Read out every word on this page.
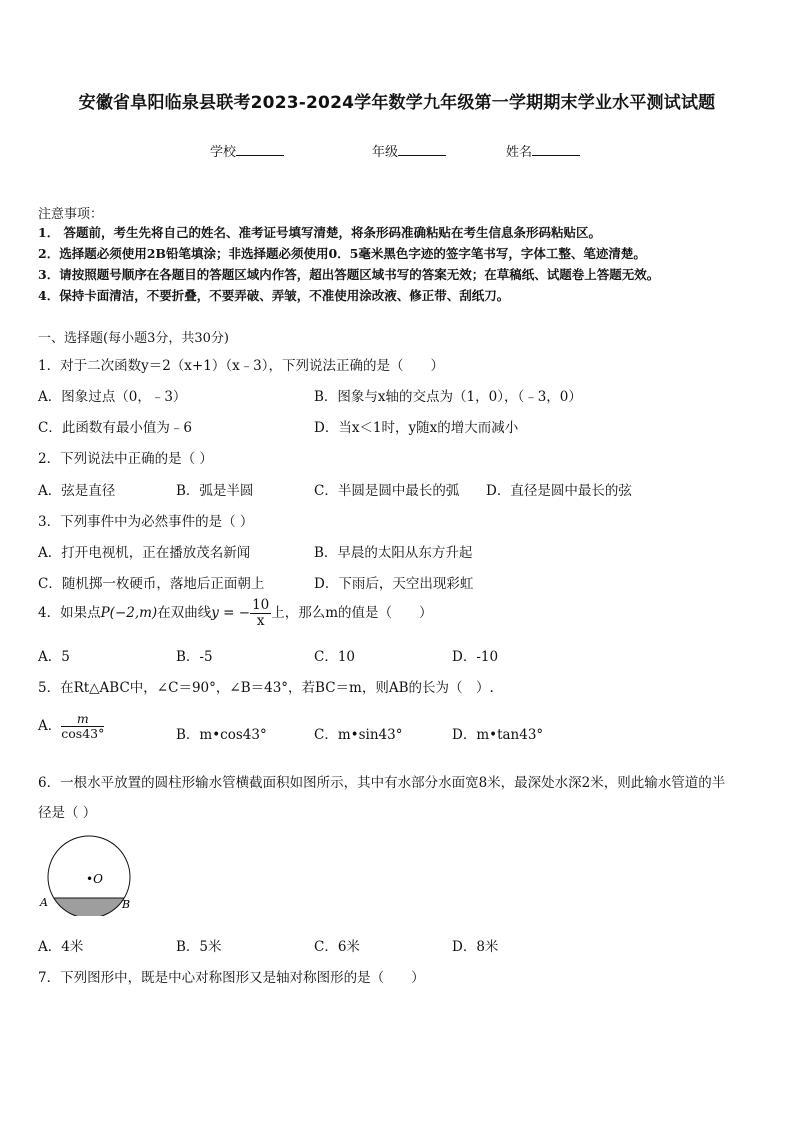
安徽省阜阳临泉县联考2023-2024学年数学九年级第一学期期末学业水平测试试题
学校	年级	姓名
注意事项：
1． 答题前，考生先将自己的姓名、准考证号填写清楚，将条形码准确粘贴在考生信息条形码粘贴区。
2．选择题必须使用2B铅笔填涂；非选择题必须使用0．5毫米黑色字迹的签字笔书写，字体工整、笔迹清楚。
3．请按照题号顺序在各题目的答题区域内作答，超出答题区域书写的答案无效；在草稿纸、试题卷上答题无效。
4．保持卡面清洁，不要折叠，不要弄破、弄皱，不准使用涂改液、修正带、刮纸刀。
一、选择题(每小题3分，共30分)
1．对于二次函数y＝2（x+1）（x﹣3），下列说法正确的是（　　）
A．图象过点（0，﹣3）	B．图象与x轴的交点为（1，0），（﹣3，0）
C．此函数有最小值为﹣6	D．当x＜1时，y随x的增大而减小
2．下列说法中正确的是（ ）
A．弦是直径	B．弧是半圆	C．半圆是圆中最长的弧 D．直径是圆中最长的弦
3．下列事件中为必然事件的是（ ）
A．打开电视机，正在播放茂名新闻	B．早晨的太阳从东方升起
C．随机掷一枚硬币，落地后正面朝上	D．下雨后，天空出现彩虹
4．如果点P(−2,m)在双曲线y = − $\frac{10}{x}$ 上，那么m的值是（　　）
A．5	B．-5	C．10	D．-10
5．在Rt△ABC中，∠C＝90°，∠B＝43°，若BC＝m，则AB的长为（　）.
A． $\frac{m}{\cos 43^\circ}$	B．m•cos43°	C．m•sin43°	D．m•tan43°
6．一根水平放置的圆柱形输水管横截面积如图所示，其中有水部分水面宽8米，最深处水深2米，则此输水管道的半
径是（ ）
•O
A	B
A．4米	B．5米	C．6米	D．8米
7．下列图形中，既是中心对称图形又是轴对称图形的是（　　）
